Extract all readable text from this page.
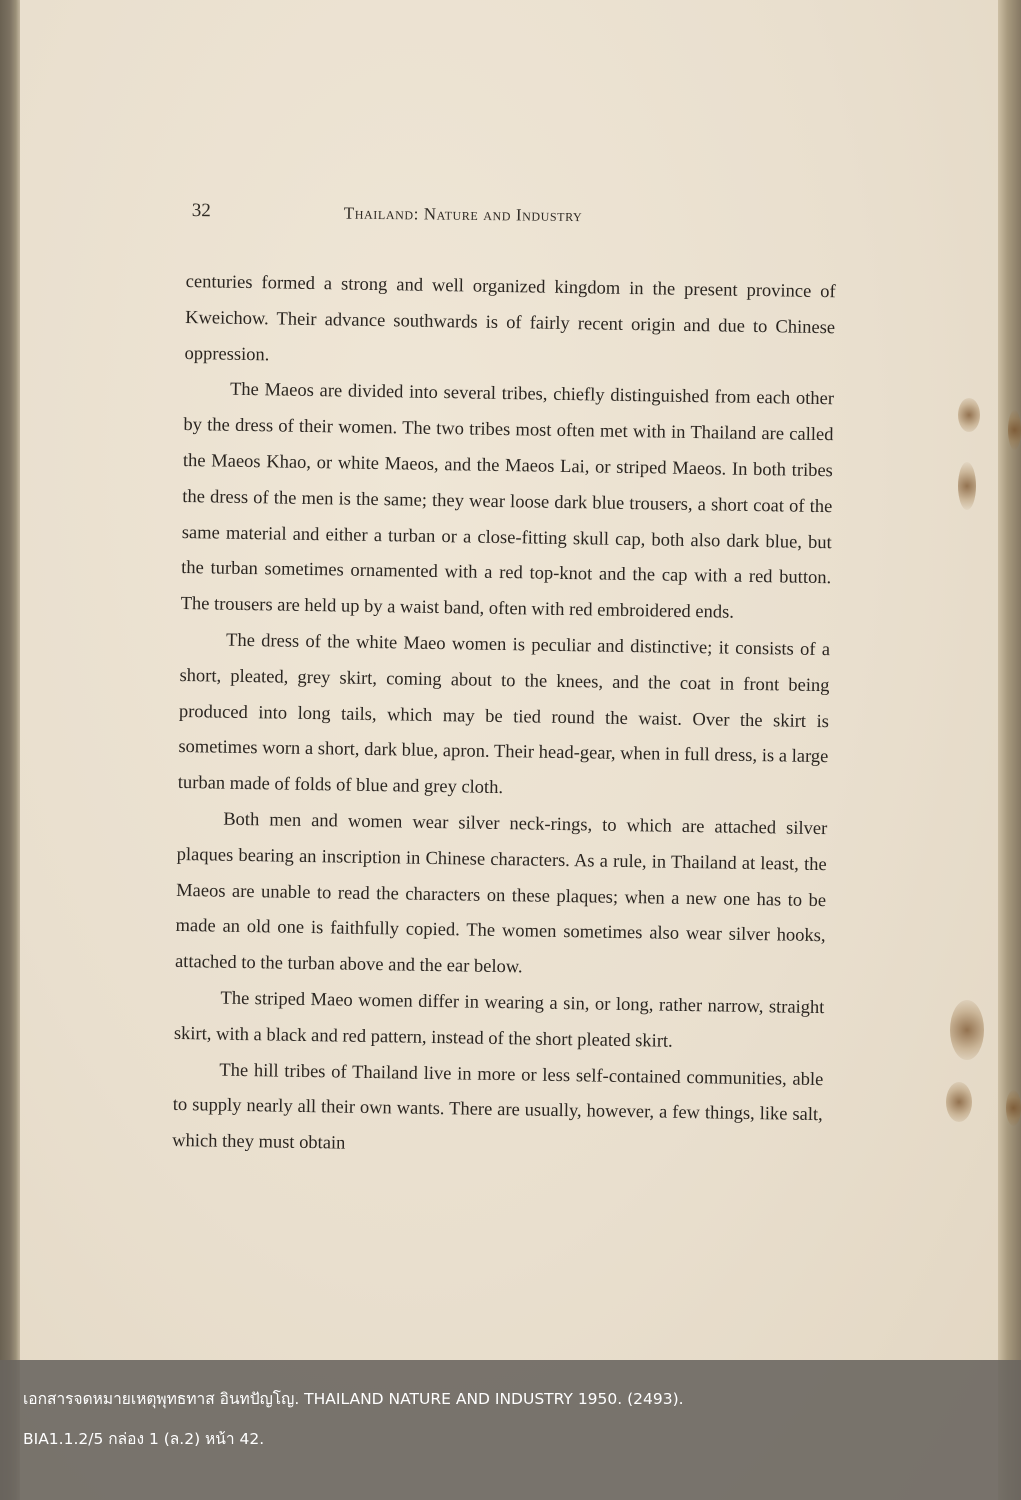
32	Thailand: Nature and Industry

centuries formed a strong and well organized kingdom in the present province of Kweichow. Their advance southwards is of fairly recent origin and due to Chinese oppression.

The Maeos are divided into several tribes, chiefly distinguished from each other by the dress of their women. The two tribes most often met with in Thailand are called the Maeos Khao, or white Maeos, and the Maeos Lai, or striped Maeos. In both tribes the dress of the men is the same; they wear loose dark blue trousers, a short coat of the same material and either a turban or a close-fitting skull cap, both also dark blue, but the turban sometimes ornamented with a red top-knot and the cap with a red button. The trousers are held up by a waist band, often with red embroidered ends.

The dress of the white Maeo women is peculiar and distinctive; it consists of a short, pleated, grey skirt, coming about to the knees, and the coat in front being produced into long tails, which may be tied round the waist. Over the skirt is sometimes worn a short, dark blue, apron. Their head-gear, when in full dress, is a large turban made of folds of blue and grey cloth.

Both men and women wear silver neck-rings, to which are attached silver plaques bearing an inscription in Chinese characters. As a rule, in Thailand at least, the Maeos are unable to read the characters on these plaques; when a new one has to be made an old one is faithfully copied. The women sometimes also wear silver hooks, attached to the turban above and the ear below.

The striped Maeo women differ in wearing a sin, or long, rather narrow, straight skirt, with a black and red pattern, instead of the short pleated skirt.

The hill tribes of Thailand live in more or less self-contained communities, able to supply nearly all their own wants. There are usually, however, a few things, like salt, which they must obtain

เอกสารจดหมายเหตุพุทธทาส อินทปัญโญ. THAILAND NATURE AND INDUSTRY 1950. (2493).
BIA1.1.2/5 กล่อง 1 (ล.2) หน้า 42.
